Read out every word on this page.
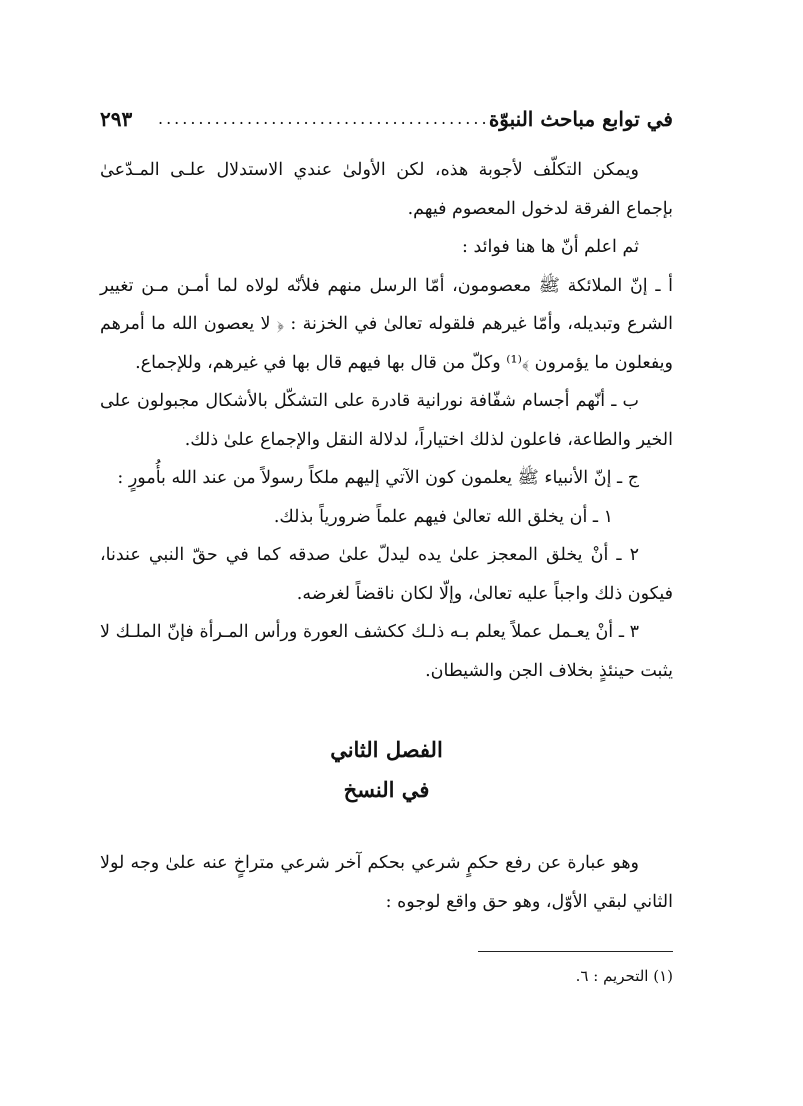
في توابع مباحث النبوّة
..........................................
٢٩٣

ويمكن التكلّف لأجوبة هذه، لكن الأولىٰ عندي الاستدلال علـى المـدّعىٰ بإجماع الفرقة لدخول المعصوم فيهم.

ثم اعلم أنّ ها هنا فوائد :

أ ـ إنّ الملائكة ﷺ معصومون، أمّا الرسل منهم فلأنّه لولاه لما أمـن مـن تغيير الشرع وتبديله، وأمّا غيرهم فلقوله تعالىٰ في الخزنة : ﴿ لا يعصون الله ما أمرهم ويفعلون ما يؤمرون ﴾⁽¹⁾ وكلّ من قال بها فيهم قال بها في غيرهم، وللإجماع.

ب ـ أنّهم أجسام شفّافة نورانية قادرة على التشكّل بالأشكال مجبولون على الخير والطاعة، فاعلون لذلك اختياراً، لدلالة النقل والإجماع علىٰ ذلك.

ج ـ إنّ الأنبياء ﷺ يعلمون كون الآتي إليهم ملكاً رسولاً من عند الله بأُمورٍ :

١ ـ أن يخلق الله تعالىٰ فيهم علماً ضرورياً بذلك.

٢ ـ أنْ يخلق المعجز علىٰ يده ليدلّ علىٰ صدقه كما في حقّ النبي عندنا، فيكون ذلك واجباً عليه تعالىٰ، وإلّا لكان ناقضاً لغرضه.

٣ ـ أنْ يعـمل عملاً يعلم بـه ذلـك ككشف العورة ورأس المـرأة فإنّ الملـك لا يثبت حينئذٍ بخلاف الجن والشيطان.

الفصل الثاني

في النسخ

وهو عبارة عن رفع حكمٍ شرعي بحكم آخر شرعي متراخٍ عنه علىٰ وجه لولا الثاني لبقي الأوّل، وهو حق واقع لوجوه :

(١) التحريم : ٦.
